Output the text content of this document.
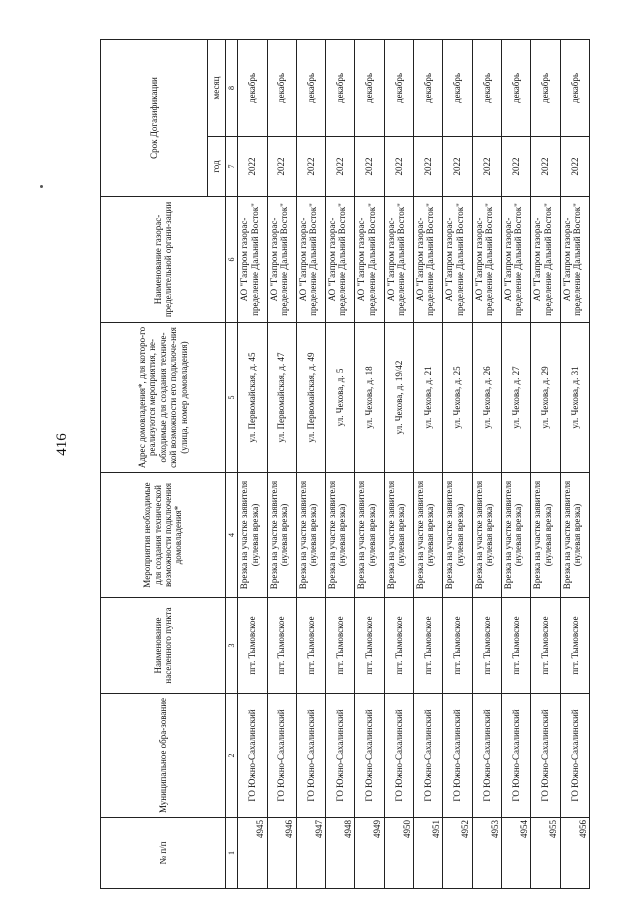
416
№ п/п	Муниципальное обра-зование	Наименование населенного пункта	Мероприятия необходимые для создания технической возможности подключения домовладения*	Адрес домовладения*, для которо-го реализуются мероприятия, не-обходимые для создания техниче-ской возможности его подключе-ния (улица, номер домовладения)	Наименование газорас-пределительной органи-зации	Срок Догазификации	
						год	месяц
1	2	3	4	5	6	7	8
4945	ГО Южно-Сахалинский	пгт. Тымовское	Врезка на участке заявителя (нулевая врезка)	ул. Первомайская, д. 45	АО "Газпром газорас-пределение Дальний Восток"	2022	декабрь
4946	ГО Южно-Сахалинский	пгт. Тымовское	Врезка на участке заявителя (нулевая врезка)	ул. Первомайская, д. 47	АО "Газпром газорас-пределение Дальний Восток"	2022	декабрь
4947	ГО Южно-Сахалинский	пгт. Тымовское	Врезка на участке заявителя (нулевая врезка)	ул. Первомайская, д. 49	АО "Газпром газорас-пределение Дальний Восток"	2022	декабрь
4948	ГО Южно-Сахалинский	пгт. Тымовское	Врезка на участке заявителя (нулевая врезка)	ул. Чехова, д. 5	АО "Газпром газорас-пределение Дальний Восток"	2022	декабрь
4949	ГО Южно-Сахалинский	пгт. Тымовское	Врезка на участке заявителя (нулевая врезка)	ул. Чехова, д. 18	АО "Газпром газорас-пределение Дальний Восток"	2022	декабрь
4950	ГО Южно-Сахалинский	пгт. Тымовское	Врезка на участке заявителя (нулевая врезка)	ул. Чехова, д. 19/42	АО "Газпром газорас-пределение Дальний Восток"	2022	декабрь
4951	ГО Южно-Сахалинский	пгт. Тымовское	Врезка на участке заявителя (нулевая врезка)	ул. Чехова, д. 21	АО "Газпром газорас-пределение Дальний Восток"	2022	декабрь
4952	ГО Южно-Сахалинский	пгт. Тымовское	Врезка на участке заявителя (нулевая врезка)	ул. Чехова, д. 25	АО "Газпром газорас-пределение Дальний Восток"	2022	декабрь
4953	ГО Южно-Сахалинский	пгт. Тымовское	Врезка на участке заявителя (нулевая врезка)	ул. Чехова, д. 26	АО "Газпром газорас-пределение Дальний Восток"	2022	декабрь
4954	ГО Южно-Сахалинский	пгт. Тымовское	Врезка на участке заявителя (нулевая врезка)	ул. Чехова, д. 27	АО "Газпром газорас-пределение Дальний Восток"	2022	декабрь
4955	ГО Южно-Сахалинский	пгт. Тымовское	Врезка на участке заявителя (нулевая врезка)	ул. Чехова, д. 29	АО "Газпром газорас-пределение Дальний Восток"	2022	декабрь
4956	ГО Южно-Сахалинский	пгт. Тымовское	Врезка на участке заявителя (нулевая врезка)	ул. Чехова, д. 31	АО "Газпром газорас-пределение Дальний Восток"	2022	декабрь
